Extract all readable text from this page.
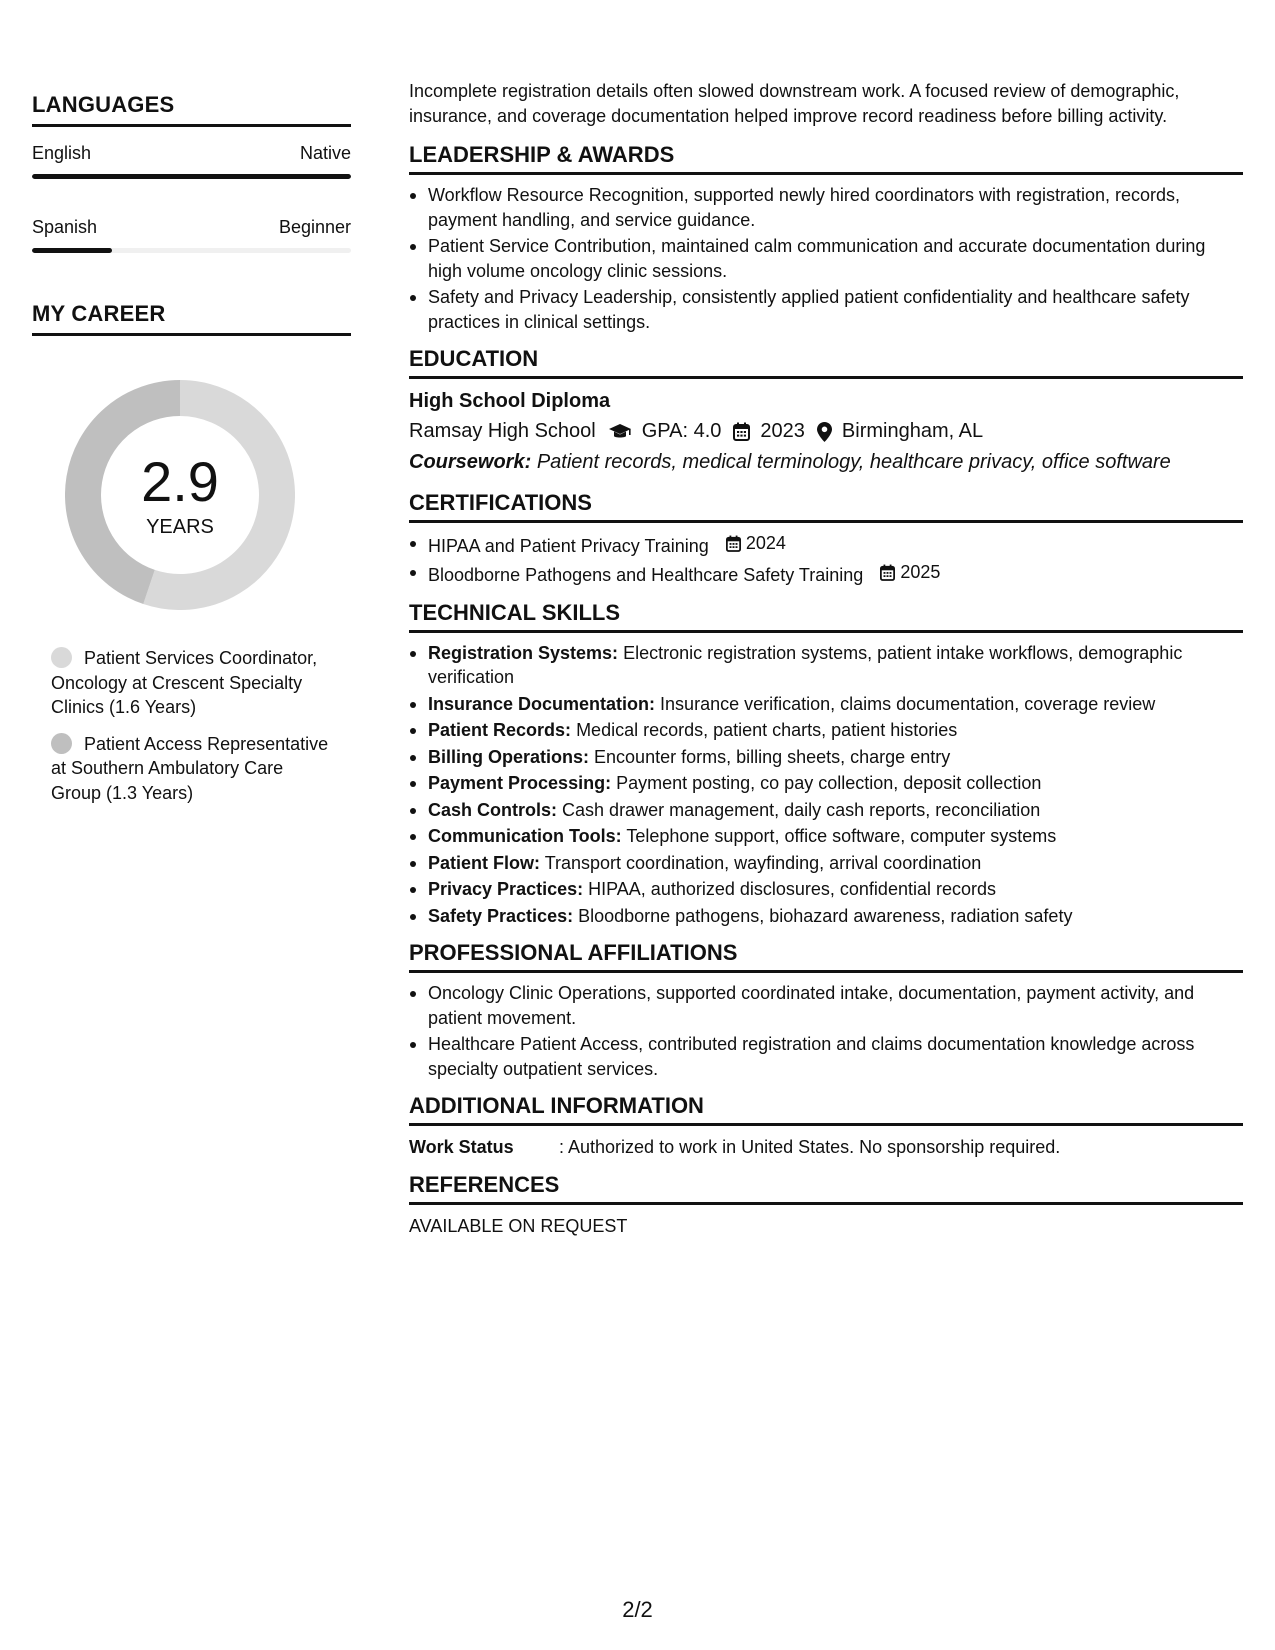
LANGUAGES
English	Native
Spanish	Beginner
MY CAREER
2.9
YEARS
Patient Services Coordinator, Oncology at Crescent Specialty Clinics (1.6 Years)
Patient Access Representative at Southern Ambulatory Care Group (1.3 Years)

Incomplete registration details often slowed downstream work. A focused review of demographic, insurance, and coverage documentation helped improve record readiness before billing activity.

LEADERSHIP & AWARDS
Workflow Resource Recognition, supported newly hired coordinators with registration, records, payment handling, and service guidance.
Patient Service Contribution, maintained calm communication and accurate documentation during high volume oncology clinic sessions.
Safety and Privacy Leadership, consistently applied patient confidentiality and healthcare safety practices in clinical settings.
EDUCATION
High School Diploma
Ramsay High School GPA: 4.0 2023 Birmingham, AL
Coursework: Patient records, medical terminology, healthcare privacy, office software
CERTIFICATIONS
HIPAA and Patient Privacy Training 2024
Bloodborne Pathogens and Healthcare Safety Training 2025
TECHNICAL SKILLS
Registration Systems: Electronic registration systems, patient intake workflows, demographic verification
Insurance Documentation: Insurance verification, claims documentation, coverage review
Patient Records: Medical records, patient charts, patient histories
Billing Operations: Encounter forms, billing sheets, charge entry
Payment Processing: Payment posting, co pay collection, deposit collection
Cash Controls: Cash drawer management, daily cash reports, reconciliation
Communication Tools: Telephone support, office software, computer systems
Patient Flow: Transport coordination, wayfinding, arrival coordination
Privacy Practices: HIPAA, authorized disclosures, confidential records
Safety Practices: Bloodborne pathogens, biohazard awareness, radiation safety
PROFESSIONAL AFFILIATIONS
Oncology Clinic Operations, supported coordinated intake, documentation, payment activity, and patient movement.
Healthcare Patient Access, contributed registration and claims documentation knowledge across specialty outpatient services.
ADDITIONAL INFORMATION
Work Status	: Authorized to work in United States. No sponsorship required.
REFERENCES
AVAILABLE ON REQUEST
2/2
